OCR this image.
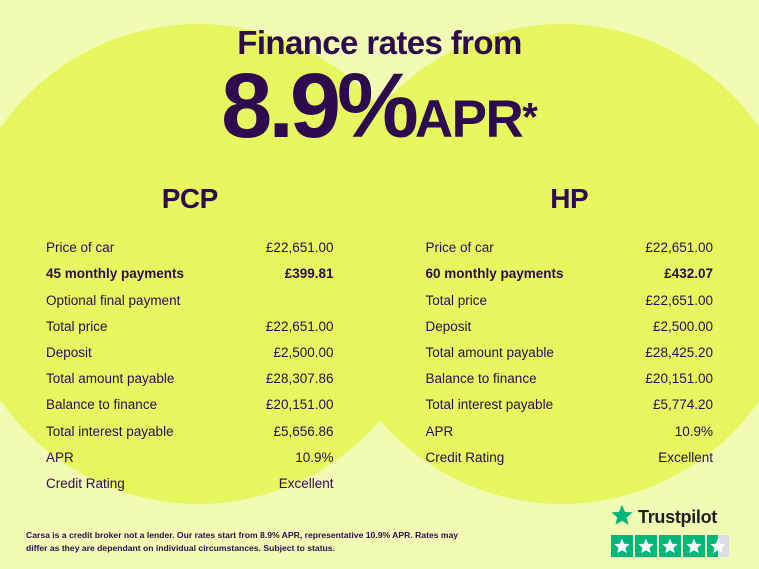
Finance rates from
8.9%APR*
PCP
Price of car	£22,651.00
45 monthly payments	£399.81
Optional final payment
Total price	£22,651.00
Deposit	£2,500.00
Total amount payable	£28,307.86
Balance to finance	£20,151.00
Total interest payable	£5,656.86
APR	10.9%
Credit Rating	Excellent
HP
Price of car	£22,651.00
60 monthly payments	£432.07
Total price	£22,651.00
Deposit	£2,500.00
Total amount payable	£28,425.20
Balance to finance	£20,151.00
Total interest payable	£5,774.20
APR	10.9%
Credit Rating	Excellent
Carsa is a credit broker not a lender. Our rates start from 8.9% APR, representative 10.9% APR. Rates may differ as they are dependant on individual circumstances. Subject to status.
Trustpilot
